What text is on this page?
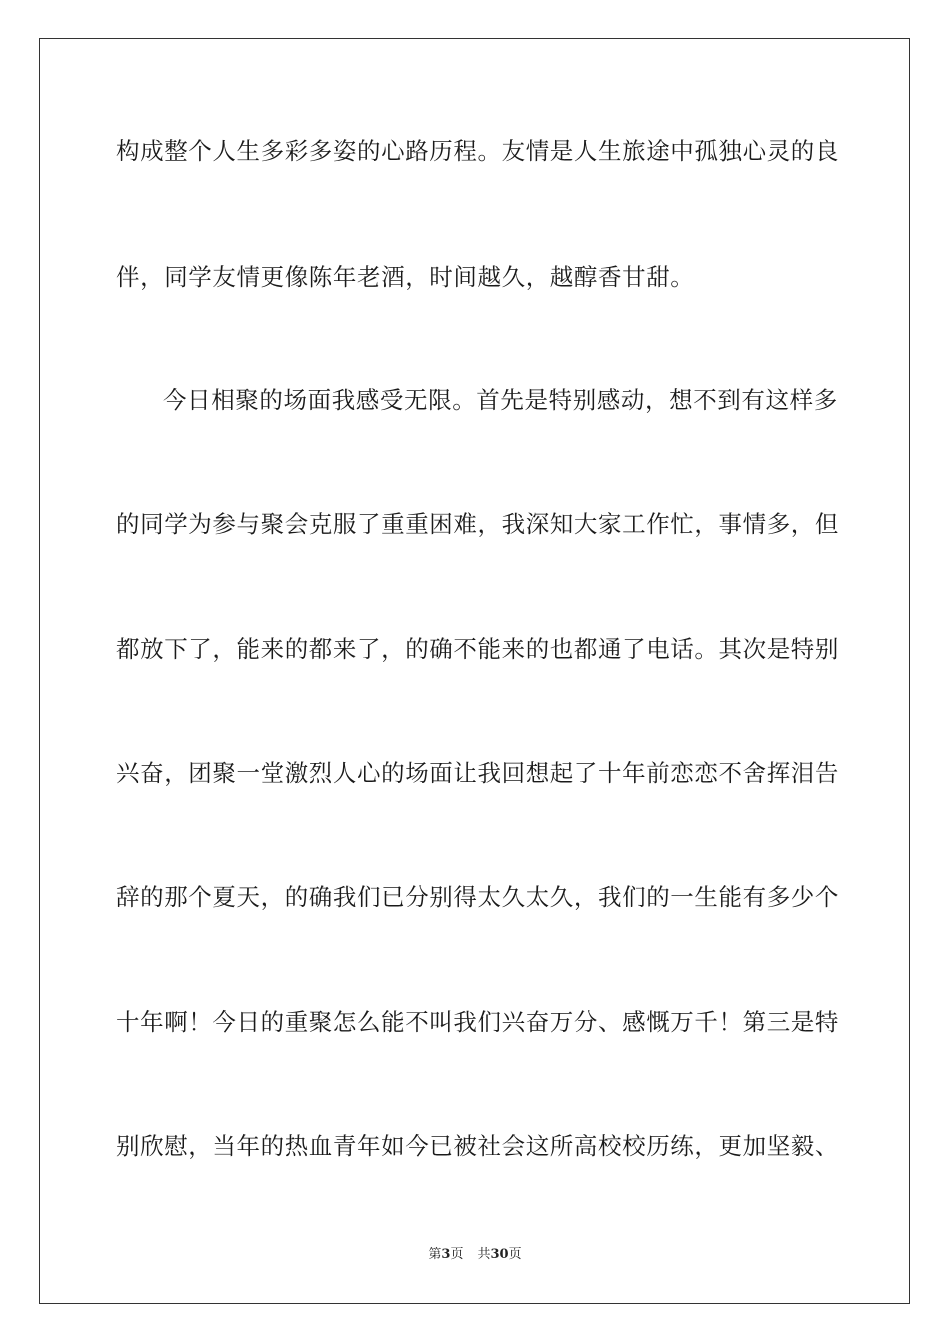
构成整个人生多彩多姿的心路历程。友情是人生旅途中孤独心灵的良
伴，同学友情更像陈年老酒，时间越久，越醇香甘甜。
今日相聚的场面我感受无限。首先是特别感动，想不到有这样多
的同学为参与聚会克服了重重困难，我深知大家工作忙，事情多，但
都放下了，能来的都来了，的确不能来的也都通了电话。其次是特别
兴奋，团聚一堂激烈人心的场面让我回想起了十年前恋恋不舍挥泪告
辞的那个夏天，的确我们已分别得太久太久，我们的一生能有多少个
十年啊！今日的重聚怎么能不叫我们兴奋万分、感慨万千！第三是特
别欣慰，当年的热血青年如今已被社会这所高校校历练，更加坚毅、
第3页 共30页
